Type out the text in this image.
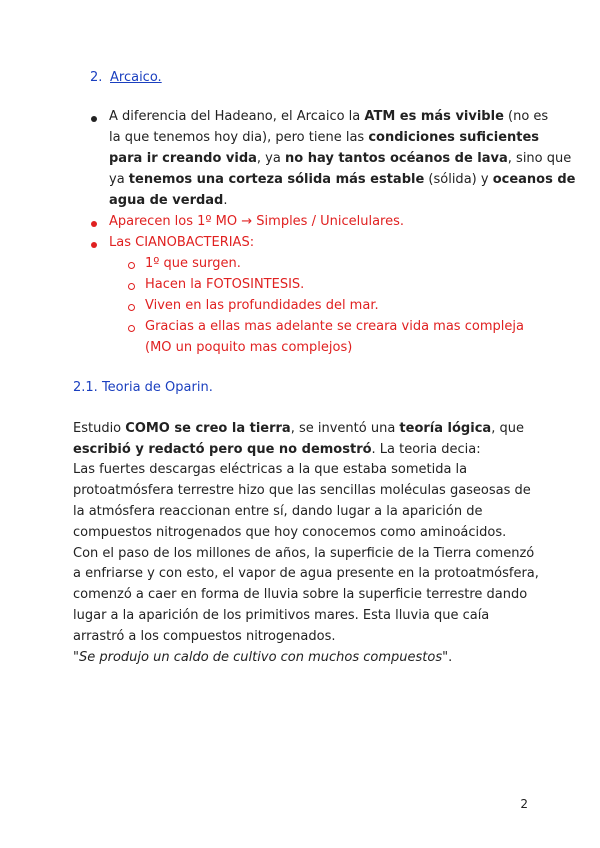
2. Arcaico.
A diferencia del Hadeano, el Arcaico la ATM es más vivible (no es
la que tenemos hoy dia), pero tiene las condiciones suficientes
para ir creando vida, ya no hay tantos océanos de lava, sino que
ya tenemos una corteza sólida más estable (sólida) y oceanos de
agua de verdad.
Aparecen los 1º MO → Simples / Unicelulares.
Las CIANOBACTERIAS:
1º que surgen.
Hacen la FOTOSINTESIS.
Viven en las profundidades del mar.
Gracias a ellas mas adelante se creara vida mas compleja
(MO un poquito mas complejos)
2.1. Teoria de Oparin.
Estudio COMO se creo la tierra, se inventó una teoría lógica, que
escribió y redactó pero que no demostró. La teoria decia:
Las fuertes descargas eléctricas a la que estaba sometida la
protoatmósfera terrestre hizo que las sencillas moléculas gaseosas de
la atmósfera reaccionan entre sí, dando lugar a la aparición de
compuestos nitrogenados que hoy conocemos como aminoácidos.
Con el paso de los millones de años, la superficie de la Tierra comenzó
a enfriarse y con esto, el vapor de agua presente en la protoatmósfera,
comenzó a caer en forma de lluvia sobre la superficie terrestre dando
lugar a la aparición de los primitivos mares. Esta lluvia que caía
arrastró a los compuestos nitrogenados.
"Se produjo un caldo de cultivo con muchos compuestos".
2
